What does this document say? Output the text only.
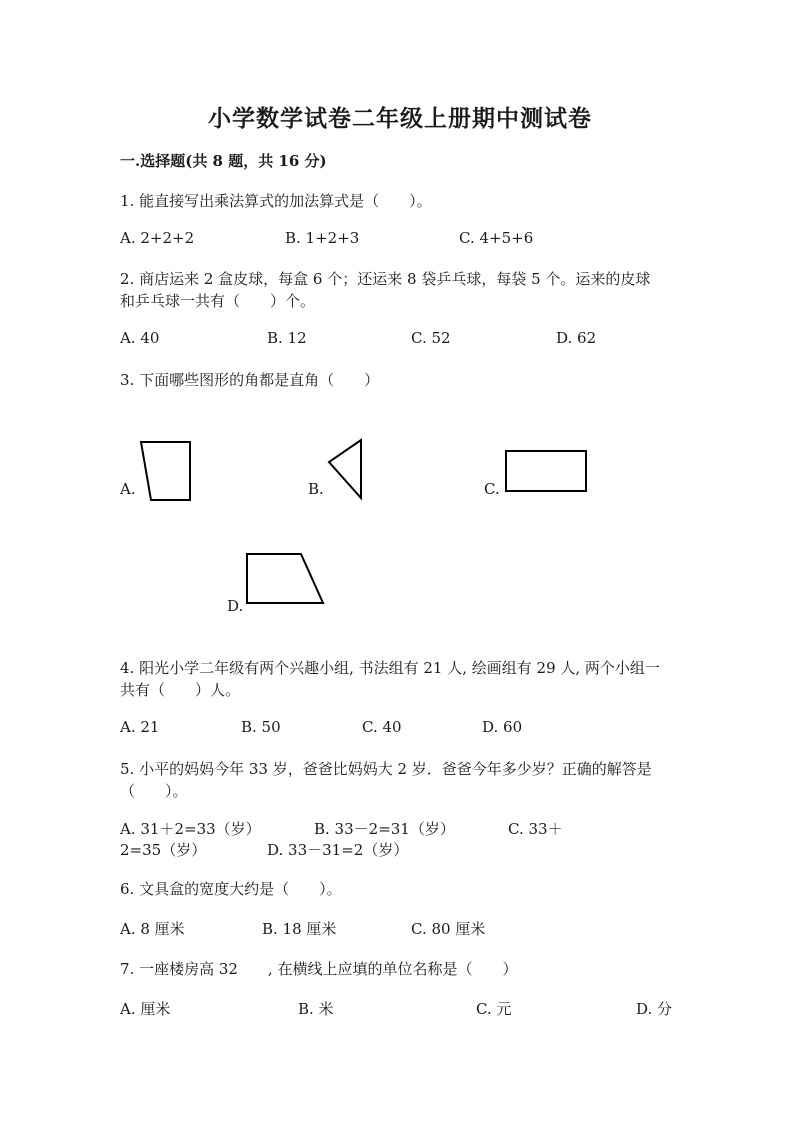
小学数学试卷二年级上册期中测试卷
一.选择题(共 8 题，共 16 分)
1. 能直接写出乘法算式的加法算式是（　　）。
A. 2+2+2	B. 1+2+3	C. 4+5+6
2. 商店运来 2 盒皮球，每盒 6 个；还运来 8 袋乒乓球，每袋 5 个。运来的皮球
和乒乓球一共有（　　）个。
A. 40	B. 12	C. 52	D. 62
3. 下面哪些图形的角都是直角（　　）
A.	B.	C.
D.
4. 阳光小学二年级有两个兴趣小组, 书法组有 21 人, 绘画组有 29 人, 两个小组一
共有（　　）人。
A. 21	B. 50	C. 40	D. 60
5. 小平的妈妈今年 33 岁，爸爸比妈妈大 2 岁．爸爸今年多少岁？正确的解答是
（　　）。
A. 31＋2=33（岁）	B. 33－2=31（岁）	C. 33＋
2=35（岁）	D. 33－31=2（岁）
6. 文具盒的宽度大约是（　　）。
A. 8 厘米	B. 18 厘米	C. 80 厘米
7. 一座楼房高 32　　, 在横线上应填的单位名称是（　　）
A. 厘米	B. 米	C. 元	D. 分
